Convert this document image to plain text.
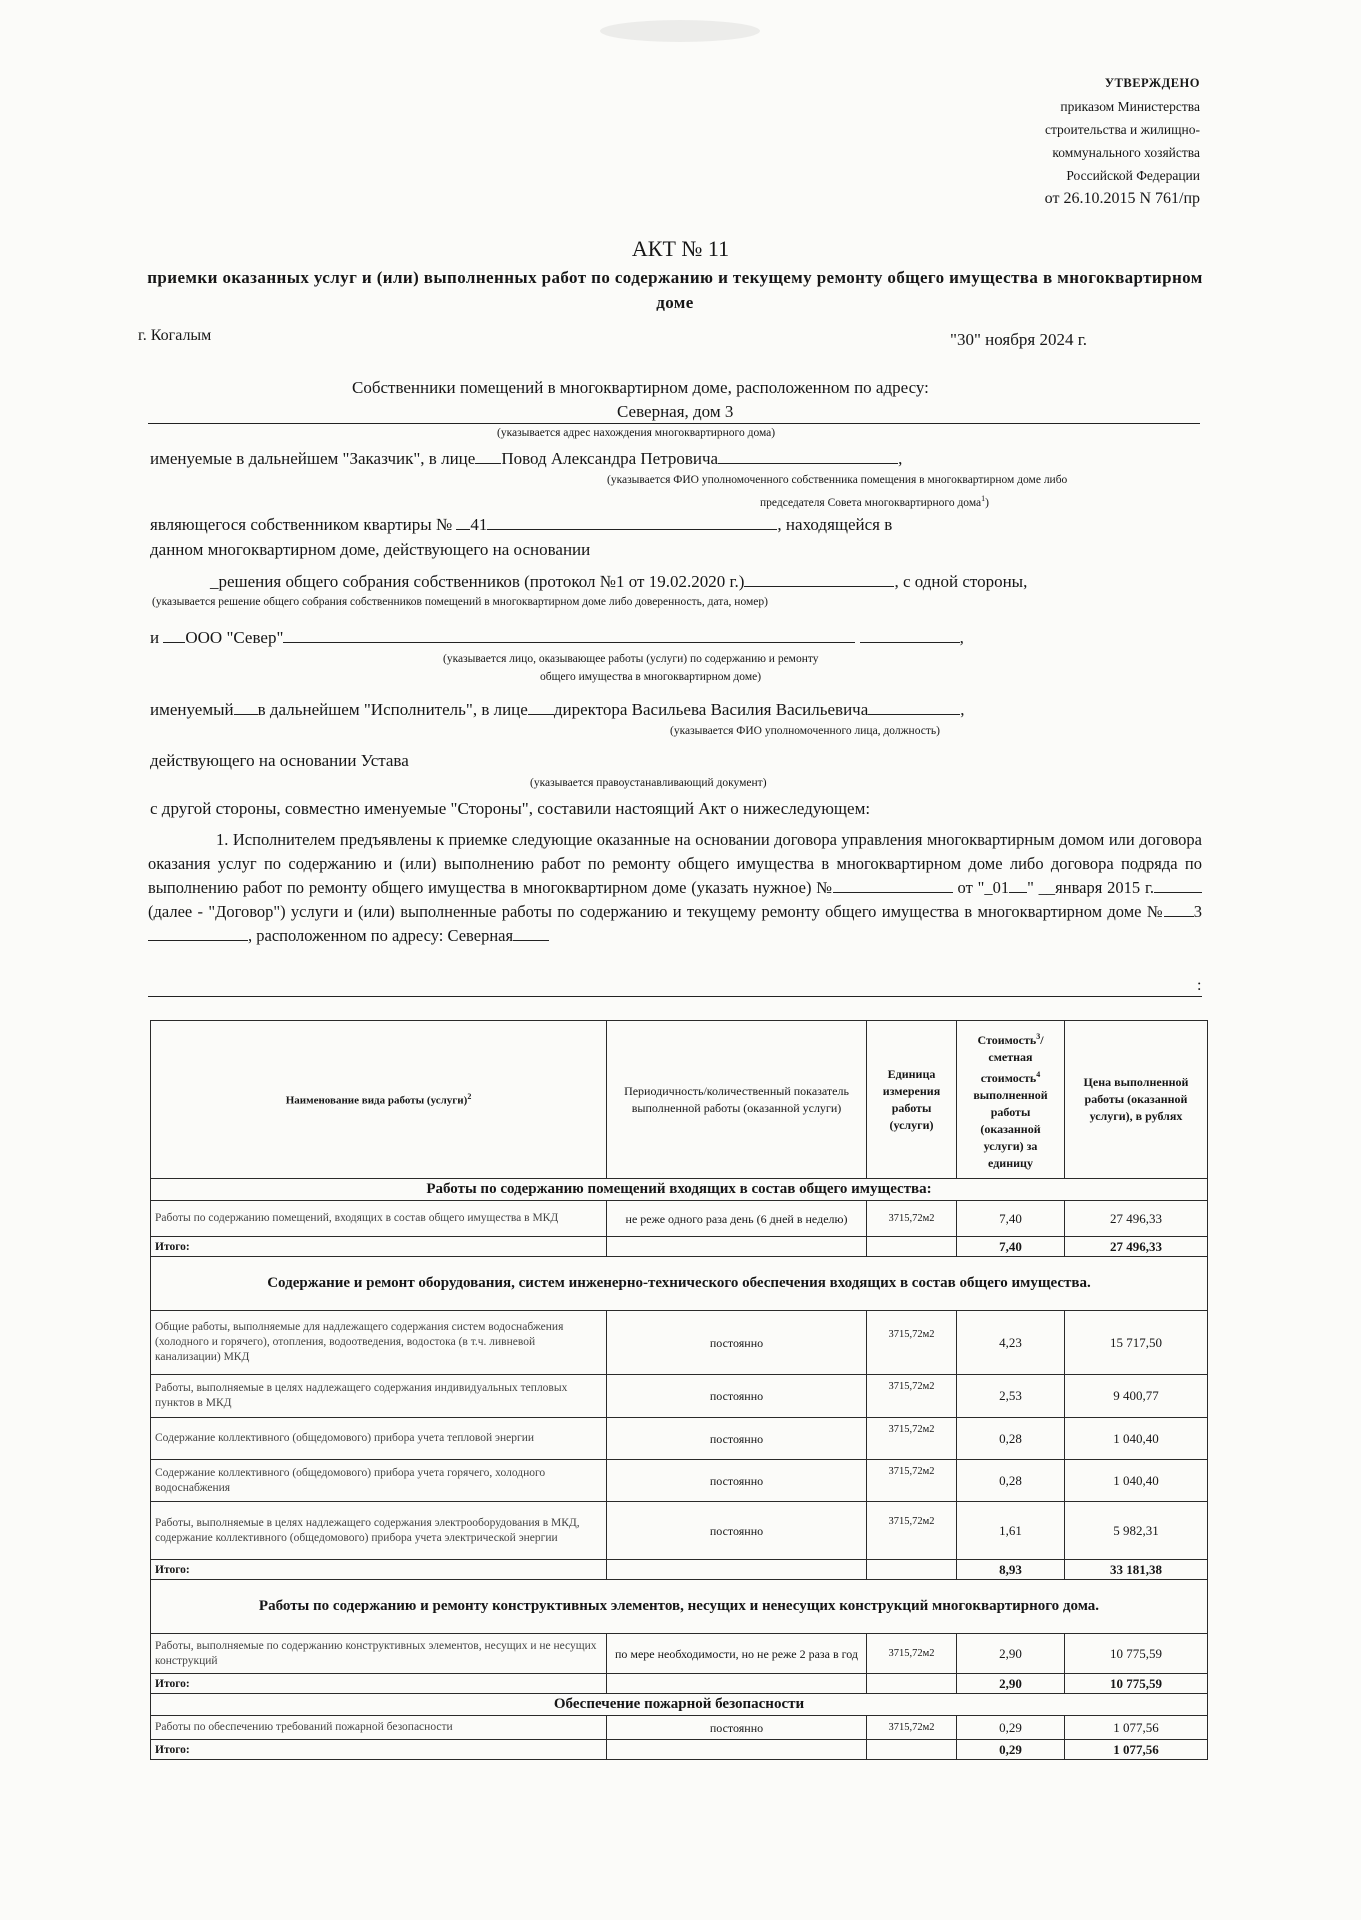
УТВЕРЖДЕНО
приказом Министерства
строительства и жилищно-
коммунального хозяйства
Российской Федерации
от 26.10.2015 N 761/пр
АКТ № 11
приемки оказанных услуг и (или) выполненных работ по содержанию и текущему ремонту общего имущества в многоквартирном доме
г. Когалым	"30" ноября 2024 г.
Собственники помещений в многоквартирном доме, расположенном по адресу:
Северная, дом 3
(указывается адрес нахождения многоквартирного дома)
именуемые в дальнейшем "Заказчик", в лице Повод Александра Петровича	,
(указывается ФИО уполномоченного собственника помещения в многоквартирном доме либо
председателя Совета многоквартирного дома$^1$)
являющегося собственником квартиры № 41	, находящейся в
данном многоквартирном доме, действующего на основании
_решения общего собрания собственников (протокол №1 от 19.02.2020 г.)	, с одной стороны,
(указывается решение общего собрания собственников помещений в многоквартирном доме либо доверенность, дата, номер)
и ООО "Север"	,
(указывается лицо, оказывающее работы (услуги) по содержанию и ремонту
общего имущества в многоквартирном доме)
именуемый в дальнейшем "Исполнитель", в лице директора Васильева Василия Васильевича	,
(указывается ФИО уполномоченного лица, должность)
действующего на основании Устава
(указывается правоустанавливающий документ)
с другой стороны, совместно именуемые "Стороны", составили настоящий Акт о нижеследующем:
1. Исполнителем предъявлены к приемке следующие оказанные на основании договора управления многоквартирным домом или договора оказания услуг по содержанию и (или) выполнению работ по ремонту общего имущества в многоквартирном доме либо договора подряда по выполнению работ по ремонту общего имущества в многоквартирном доме (указать нужное) №	от "_01 " __января 2015 г. (далее - "Договор") услуги и (или) выполненные работы по содержанию и текущему ремонту общего имущества в многоквартирном доме № 3, расположенном по адресу: Северная
:
Наименование вида работы (услуги)$^2$	Периодичность/количественный показатель выполненной работы (оказанной услуги)	Единица измерения работы (услуги)	Стоимость$^3$/сметная стоимость$^4$ выполненной работы (оказанной услуги) за единицу	Цена выполненной работы (оказанной услуги), в рублях
Работы по содержанию помещений входящих в состав общего имущества:				
Работы по содержанию помещений, входящих в состав общего имущества в МКД	не реже одного раза день (6 дней в неделю)	3715,72м2	7,40	27 496,33
Итого:			7,40	27 496,33
Содержание и ремонт оборудования, систем инженерно-технического обеспечения входящих в состав общего имущества.				
Общие работы, выполняемые для надлежащего содержания систем водоснабжения (холодного и горячего), отопления, водоотведения, водостока (в т.ч. ливневой канализации) МКД	постоянно	3715,72м2	4,23	15 717,50
Работы, выполняемые в целях надлежащего содержания индивидуальных тепловых пунктов в МКД	постоянно	3715,72м2	2,53	9 400,77
Содержание коллективного (общедомового) прибора учета тепловой энергии	постоянно	3715,72м2	0,28	1 040,40
Содержание коллективного (общедомового) прибора учета горячего, холодного водоснабжения	постоянно	3715,72м2	0,28	1 040,40
Работы, выполняемые в целях надлежащего содержания электрооборудования в МКД, содержание коллективного (общедомового) прибора учета электрической энергии	постоянно	3715,72м2	1,61	5 982,31
Итого:			8,93	33 181,38
Работы по содержанию и ремонту конструктивных элементов, несущих и ненесущих конструкций многоквартирного дома.				
Работы, выполняемые по содержанию конструктивных элементов, несущих и не несущих конструкций	по мере необходимости, но не реже 2 раза в год	3715,72м2	2,90	10 775,59
Итого:			2,90	10 775,59
Обеспечение пожарной безопасности				
Работы по обеспечению требований пожарной безопасности	постоянно	3715,72м2	0,29	1 077,56
Итого:			0,29	1 077,56
